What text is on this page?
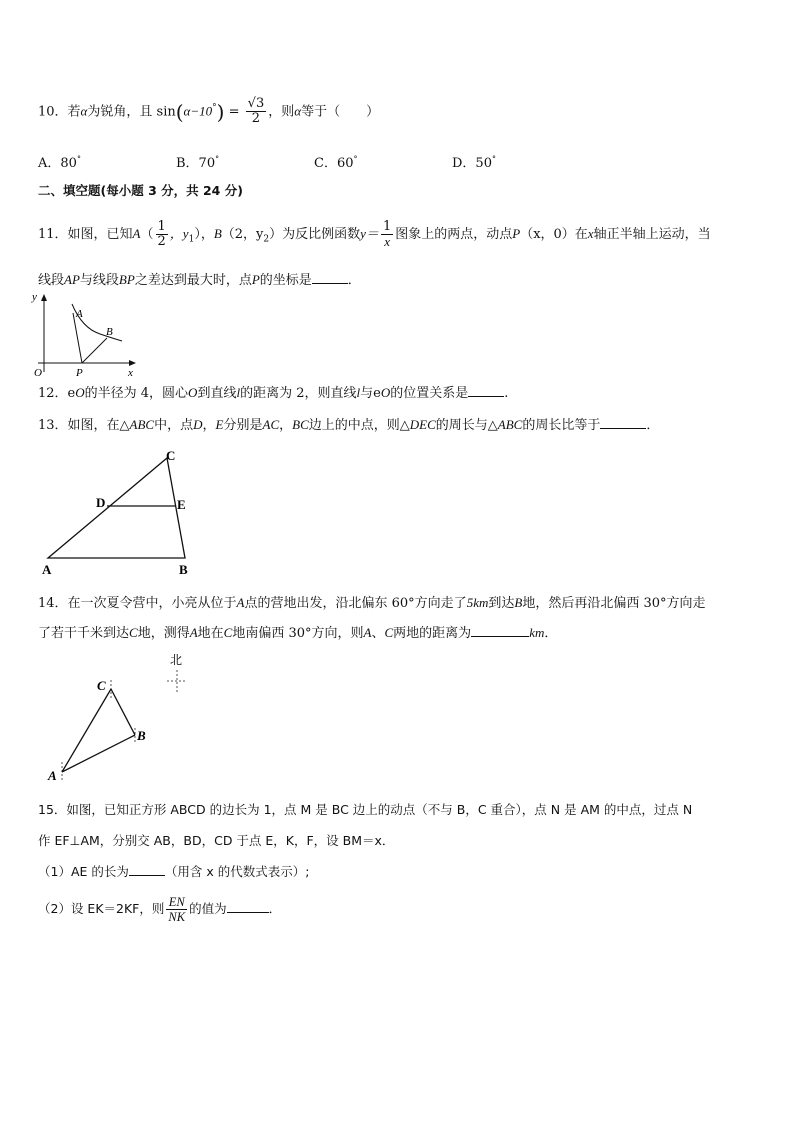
10．若α为锐角，且 $\sin(\alpha-10^\circ) = \frac{√3}{2}$ ，则α等于（　　）
A．80°	B．70°	C．60°	D．50°
二、填空题(每小题 3 分，共 24 分)
11．如图，已知$A( \frac{1}{2}$ ，$y_1$），B（2，$y_2$）为反比例函数$y= \frac{1}{x}$ 图象上的两点，动点P（x，0）在x轴正半轴上运动，当
线段AP与线段BP之差达到最大时，点P的坐标是	．
y
A
B
O	P	x
12．eO的半径为 4，圆心O到直线l的距离为 2，则直线l与eO的位置关系是	.
13．如图，在△ABC中，点D，E分别是AC，BC边上的中点，则△DEC的周长与△ABC的周长比等于	．
C
D	E
A	B
14．在一次夏令营中，小亮从位于A点的营地出发，沿北偏东 60°方向走了5km到达B地，然后再沿北偏西 30°方向走
了若干千米到达C地，测得A地在C地南偏西 30°方向，则A、C两地的距离为	km．
北
C
B
A
15．如图，已知正方形 ABCD 的边长为 1，点 M 是 BC 边上的动点（不与 B，C 重合），点 N 是 AM 的中点，过点 N
作 EF⊥AM，分别交 AB，BD，CD 于点 E，K，F，设 BM＝x．
（1）AE 的长为	（用含 x 的代数式表示）;
（2）设 EK＝2KF，则 $\frac{EN}{NK}$ 的值为	．
